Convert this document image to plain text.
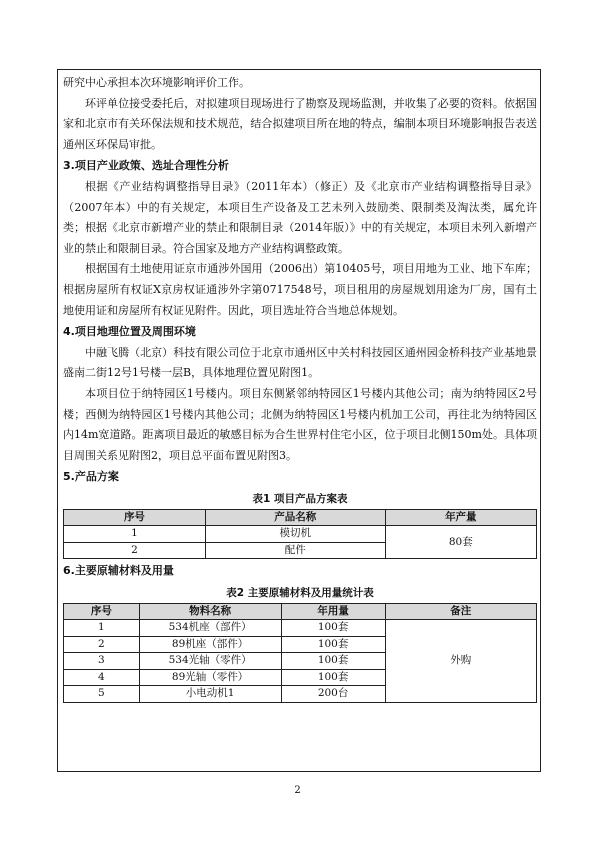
研究中心承担本次环境影响评价工作。

环评单位接受委托后，对拟建项目现场进行了勘察及现场监测，并收集了必要的资料。依据国家和北京市有关环保法规和技术规范，结合拟建项目所在地的特点，编制本项目环境影响报告表送通州区环保局审批。

3.项目产业政策、选址合理性分析

根据《产业结构调整指导目录》（2011年本）（修正）及《北京市产业结构调整指导目录》（2007年本）中的有关规定，本项目生产设备及工艺未列入鼓励类、限制类及淘汰类，属允许类；根据《北京市新增产业的禁止和限制目录（2014年版）》中的有关规定，本项目未列入新增产业的禁止和限制目录。符合国家及地方产业结构调整政策。

根据国有土地使用证京市通涉外国用（2006出）第10405号，项目用地为工业、地下车库；根据房屋所有权证X京房权证通涉外字第0717548号，项目租用的房屋规划用途为厂房，国有土地使用证和房屋所有权证见附件。因此，项目选址符合当地总体规划。

4.项目地理位置及周围环境

中融飞腾（北京）科技有限公司位于北京市通州区中关村科技园区通州园金桥科技产业基地景盛南二街12号1号楼一层B，具体地理位置见附图1。

本项目位于纳特园区1号楼内。项目东侧紧邻纳特园区1号楼内其他公司；南为纳特园区2号楼；西侧为纳特园区1号楼内其他公司；北侧为纳特园区1号楼内机加工公司，再往北为纳特园区内14m宽道路。距离项目最近的敏感目标为合生世界村住宅小区，位于项目北侧150m处。具体项目周围关系见附图2，项目总平面布置见附图3。

5.产品方案

表1 项目产品方案表
序号	产品名称	年产量
1	模切机	80套
2	配件	

6.主要原辅材料及用量

表2 主要原辅材料及用量统计表
序号	物料名称	年用量	备注
1	534机座（部件）	100套	外购
2	89机座（部件）	100套	
3	534光轴（零件）	100套	
4	89光轴（零件）	100套	
5	小电动机1	200台	
2
